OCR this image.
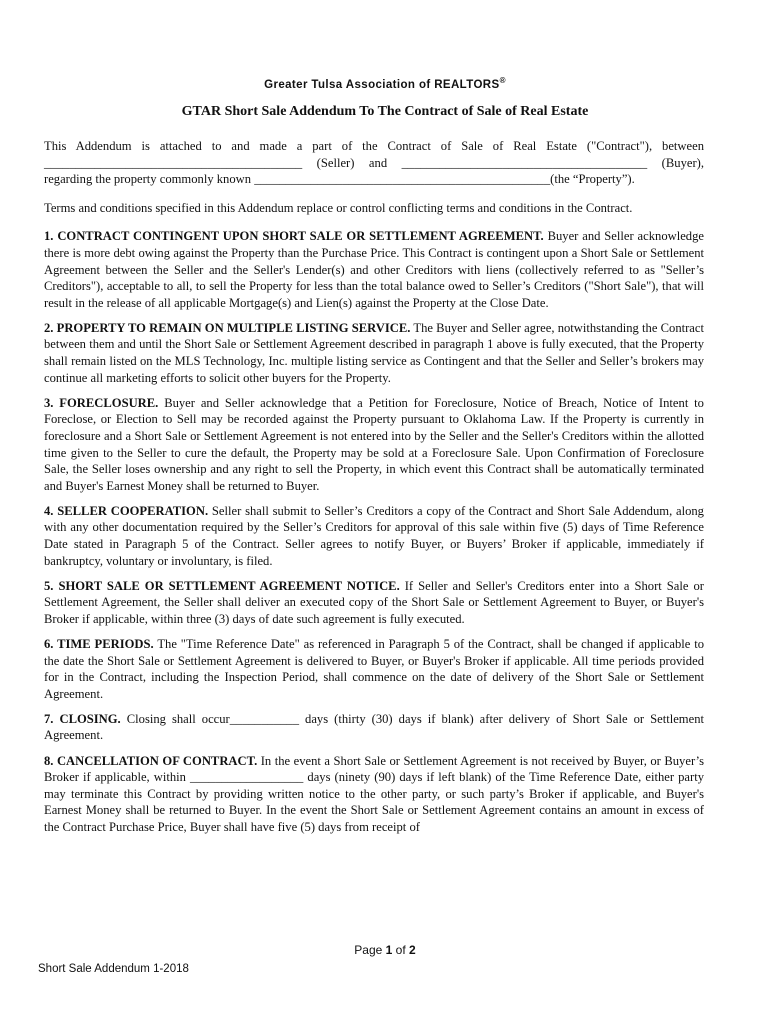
Greater Tulsa Association of REALTORS®
GTAR Short Sale Addendum To The Contract of Sale of Real Estate

This Addendum is attached to and made a part of the Contract of Sale of Real Estate ("Contract"), between _________________________________________ (Seller) and _______________________________________ (Buyer), regarding the property commonly known _______________________________________________(the “Property”).

Terms and conditions specified in this Addendum replace or control conflicting terms and conditions in the Contract.

1. CONTRACT CONTINGENT UPON SHORT SALE OR SETTLEMENT AGREEMENT. Buyer and Seller acknowledge there is more debt owing against the Property than the Purchase Price. This Contract is contingent upon a Short Sale or Settlement Agreement between the Seller and the Seller's Lender(s) and other Creditors with liens (collectively referred to as "Seller’s Creditors"), acceptable to all, to sell the Property for less than the total balance owed to Seller’s Creditors ("Short Sale"), that will result in the release of all applicable Mortgage(s) and Lien(s) against the Property at the Close Date.

2. PROPERTY TO REMAIN ON MULTIPLE LISTING SERVICE. The Buyer and Seller agree, notwithstanding the Contract between them and until the Short Sale or Settlement Agreement described in paragraph 1 above is fully executed, that the Property shall remain listed on the MLS Technology, Inc. multiple listing service as Contingent and that the Seller and Seller’s brokers may continue all marketing efforts to solicit other buyers for the Property.

3. FORECLOSURE. Buyer and Seller acknowledge that a Petition for Foreclosure, Notice of Breach, Notice of Intent to Foreclose, or Election to Sell may be recorded against the Property pursuant to Oklahoma Law. If the Property is currently in foreclosure and a Short Sale or Settlement Agreement is not entered into by the Seller and the Seller's Creditors within the allotted time given to the Seller to cure the default, the Property may be sold at a Foreclosure Sale. Upon Confirmation of Foreclosure Sale, the Seller loses ownership and any right to sell the Property, in which event this Contract shall be automatically terminated and Buyer's Earnest Money shall be returned to Buyer.

4. SELLER COOPERATION. Seller shall submit to Seller’s Creditors a copy of the Contract and Short Sale Addendum, along with any other documentation required by the Seller’s Creditors for approval of this sale within five (5) days of Time Reference Date stated in Paragraph 5 of the Contract. Seller agrees to notify Buyer, or Buyers’ Broker if applicable, immediately if bankruptcy, voluntary or involuntary, is filed.

5. SHORT SALE OR SETTLEMENT AGREEMENT NOTICE. If Seller and Seller's Creditors enter into a Short Sale or Settlement Agreement, the Seller shall deliver an executed copy of the Short Sale or Settlement Agreement to Buyer, or Buyer's Broker if applicable, within three (3) days of date such agreement is fully executed.

6. TIME PERIODS. The "Time Reference Date" as referenced in Paragraph 5 of the Contract, shall be changed if applicable to the date the Short Sale or Settlement Agreement is delivered to Buyer, or Buyer's Broker if applicable. All time periods provided for in the Contract, including the Inspection Period, shall commence on the date of delivery of the Short Sale or Settlement Agreement.

7. CLOSING. Closing shall occur___________ days (thirty (30) days if blank) after delivery of Short Sale or Settlement Agreement.

8. CANCELLATION OF CONTRACT. In the event a Short Sale or Settlement Agreement is not received by Buyer, or Buyer’s Broker if applicable, within __________________ days (ninety (90) days if left blank) of the Time Reference Date, either party may terminate this Contract by providing written notice to the other party, or such party’s Broker if applicable, and Buyer's Earnest Money shall be returned to Buyer. In the event the Short Sale or Settlement Agreement contains an amount in excess of the Contract Purchase Price, Buyer shall have five (5) days from receipt of

Page 1 of 2
Short Sale Addendum 1-2018
